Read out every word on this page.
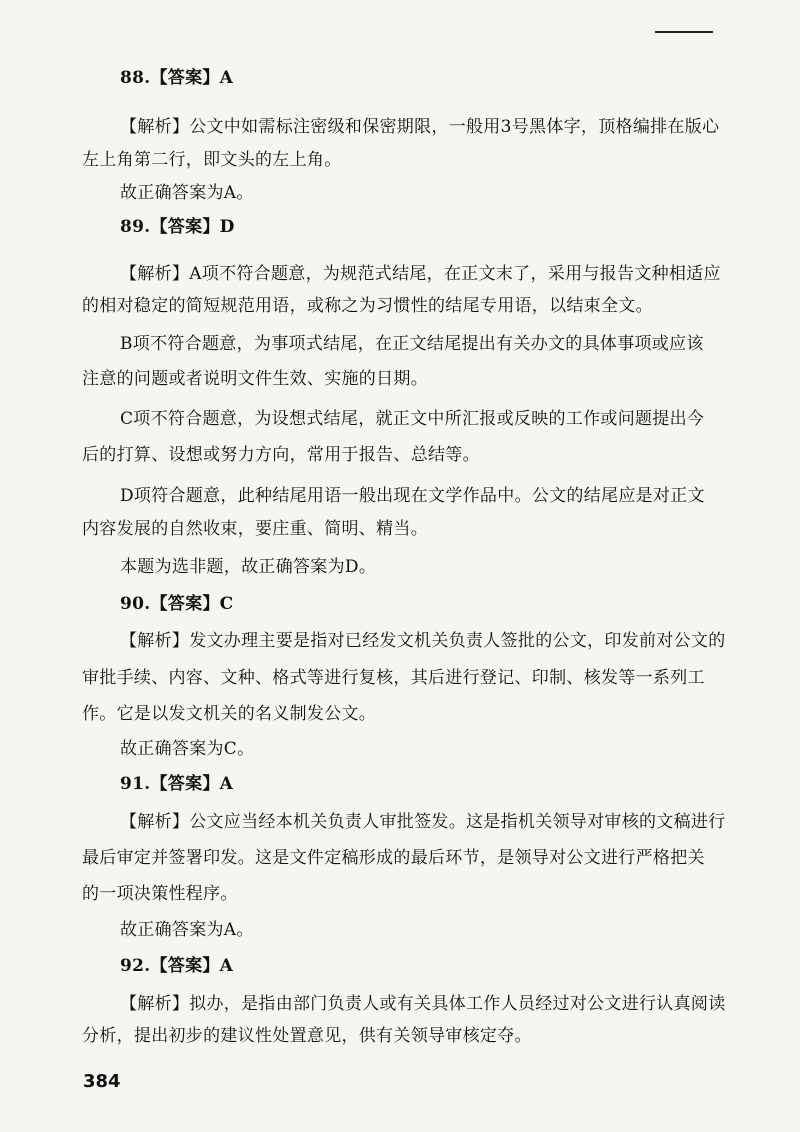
88.【答案】A
【解析】公文中如需标注密级和保密期限，一般用3号黑体字，顶格编排在版心
左上角第二行，即文头的左上角。
故正确答案为A。
89.【答案】D
【解析】A项不符合题意，为规范式结尾，在正文末了，采用与报告文种相适应
的相对稳定的简短规范用语，或称之为习惯性的结尾专用语，以结束全文。
B项不符合题意，为事项式结尾，在正文结尾提出有关办文的具体事项或应该
注意的问题或者说明文件生效、实施的日期。
C项不符合题意，为设想式结尾，就正文中所汇报或反映的工作或问题提出今
后的打算、设想或努力方向，常用于报告、总结等。
D项符合题意，此种结尾用语一般出现在文学作品中。公文的结尾应是对正文
内容发展的自然收束，要庄重、简明、精当。
本题为选非题，故正确答案为D。
90.【答案】C
【解析】发文办理主要是指对已经发文机关负责人签批的公文，印发前对公文的
审批手续、内容、文种、格式等进行复核，其后进行登记、印制、核发等一系列工
作。它是以发文机关的名义制发公文。
故正确答案为C。
91.【答案】A
【解析】公文应当经本机关负责人审批签发。这是指机关领导对审核的文稿进行
最后审定并签署印发。这是文件定稿形成的最后环节，是领导对公文进行严格把关
的一项决策性程序。
故正确答案为A。
92.【答案】A
【解析】拟办，是指由部门负责人或有关具体工作人员经过对公文进行认真阅读
分析，提出初步的建议性处置意见，供有关领导审核定夺。
384
